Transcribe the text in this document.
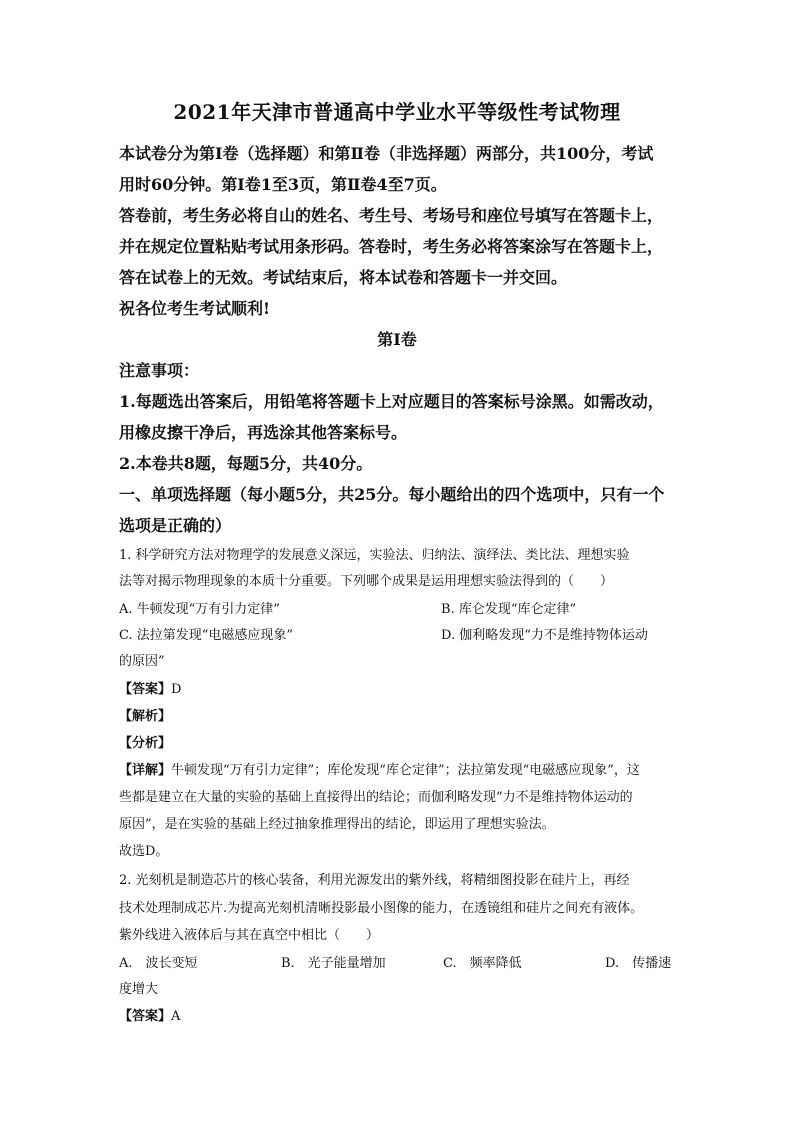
2021年天津市普通高中学业水平等级性考试物理
本试卷分为第Ⅰ卷（选择题）和第Ⅱ卷（非选择题）两部分，共100分，考试
用时60分钟。第Ⅰ卷1至3页，第Ⅱ卷4至7页。
答卷前，考生务必将自山的姓名、考生号、考场号和座位号填写在答题卡上，
并在规定位置粘贴考试用条形码。答卷时，考生务必将答案涂写在答题卡上，
答在试卷上的无效。考试结束后，将本试卷和答题卡一并交回。
祝各位考生考试顺利!
第Ⅰ卷
注意事项：
1.每题选出答案后，用铅笔将答题卡上对应题目的答案标号涂黑。如需改动，
用橡皮擦干净后，再选涂其他答案标号。
2.本卷共8题，每题5分，共40分。
一、单项选择题（每小题5分，共25分。每小题给出的四个选项中，只有一个
选项是正确的）
1. 科学研究方法对物理学的发展意义深远，实验法、归纳法、演绎法、类比法、理想实验
法等对揭示物理现象的本质十分重要。下列哪个成果是运用理想实验法得到的（　　）
A. 牛顿发现“万有引力定律”	B. 库仑发现“库仑定律”
C. 法拉第发现“电磁感应现象”	D. 伽利略发现“力不是维持物体运动
的原因”
【答案】D
【解析】
【分析】
【详解】牛顿发现“万有引力定律”；库伦发现“库仑定律”；法拉第发现“电磁感应现象”，这
些都是建立在大量的实验的基础上直接得出的结论；而伽利略发现“力不是维持物体运动的
原因”，是在实验的基础上经过抽象推理得出的结论，即运用了理想实验法。
故选D。
2. 光刻机是制造芯片的核心装备，利用光源发出的紫外线，将精细图投影在硅片上，再经
技术处理制成芯片.为提高光刻机清晰投影最小图像的能力，在透镜组和硅片之间充有液体。
紫外线进入液体后与其在真空中相比（　　）
A.　波长变短	B.　光子能量增加	C.　频率降低	D.　传播速
度增大
【答案】A
